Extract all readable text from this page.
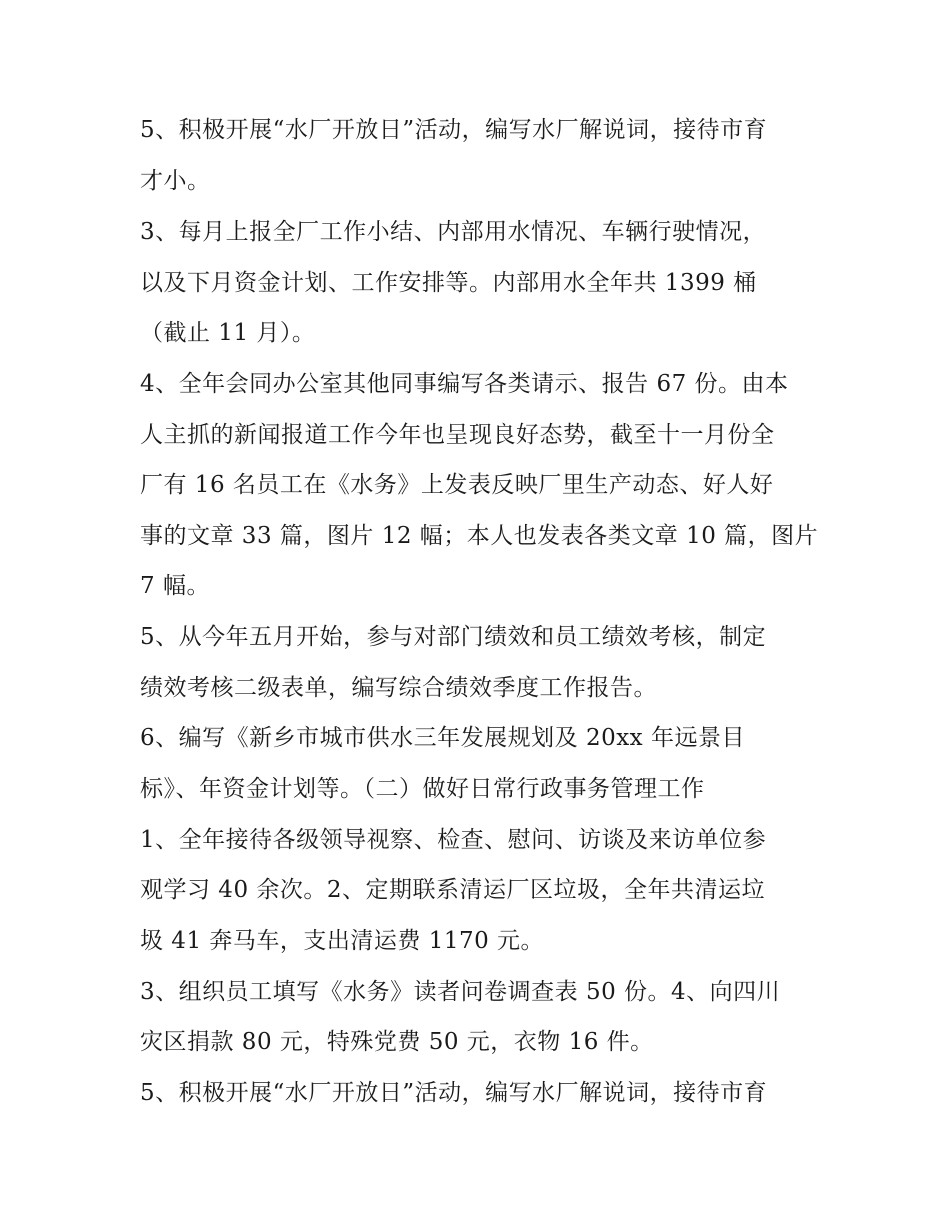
5、积极开展“水厂开放日”活动，编写水厂解说词，接待市育

才小。

3、每月上报全厂工作小结、内部用水情况、车辆行驶情况，

以及下月资金计划、工作安排等。内部用水全年共 1399 桶

（截止 11 月）。

4、全年会同办公室其他同事编写各类请示、报告 67 份。由本

人主抓的新闻报道工作今年也呈现良好态势，截至十一月份全

厂有 16 名员工在《水务》上发表反映厂里生产动态、好人好

事的文章 33 篇，图片 12 幅；本人也发表各类文章 10 篇，图片

7 幅。

5、从今年五月开始，参与对部门绩效和员工绩效考核，制定

绩效考核二级表单，编写综合绩效季度工作报告。

6、编写《新乡市城市供水三年发展规划及 20xx 年远景目

标》、年资金计划等。（二）做好日常行政事务管理工作

1、全年接待各级领导视察、检查、慰问、访谈及来访单位参

观学习 40 余次。2、定期联系清运厂区垃圾，全年共清运垃

圾 41 奔马车，支出清运费 1170 元。

3、组织员工填写《水务》读者问卷调查表 50 份。4、向四川

灾区捐款 80 元，特殊党费 50 元，衣物 16 件。

5、积极开展“水厂开放日”活动，编写水厂解说词，接待市育
